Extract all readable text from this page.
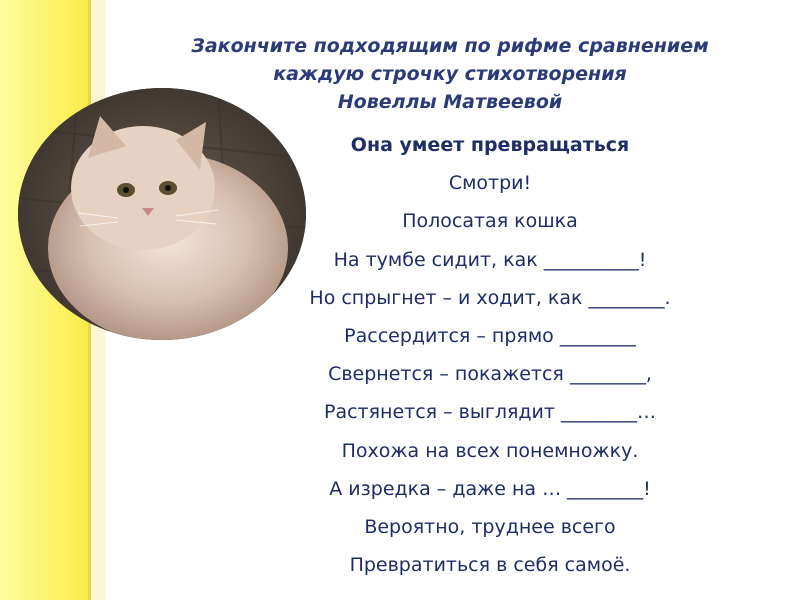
Закончите подходящим по рифме сравнением
каждую строчку стихотворения
Новеллы Матвеевой
Она умеет превращаться
Смотри!
Полосатая кошка
На тумбе сидит, как __________!
Но спрыгнет – и ходит, как ________.
Рассердится – прямо ________
Свернется – покажется ________,
Растянется – выглядит ________…
Похожа на всех понемножку.
А изредка – даже на … ________!
Вероятно, труднее всего
Превратиться в себя самоё.
